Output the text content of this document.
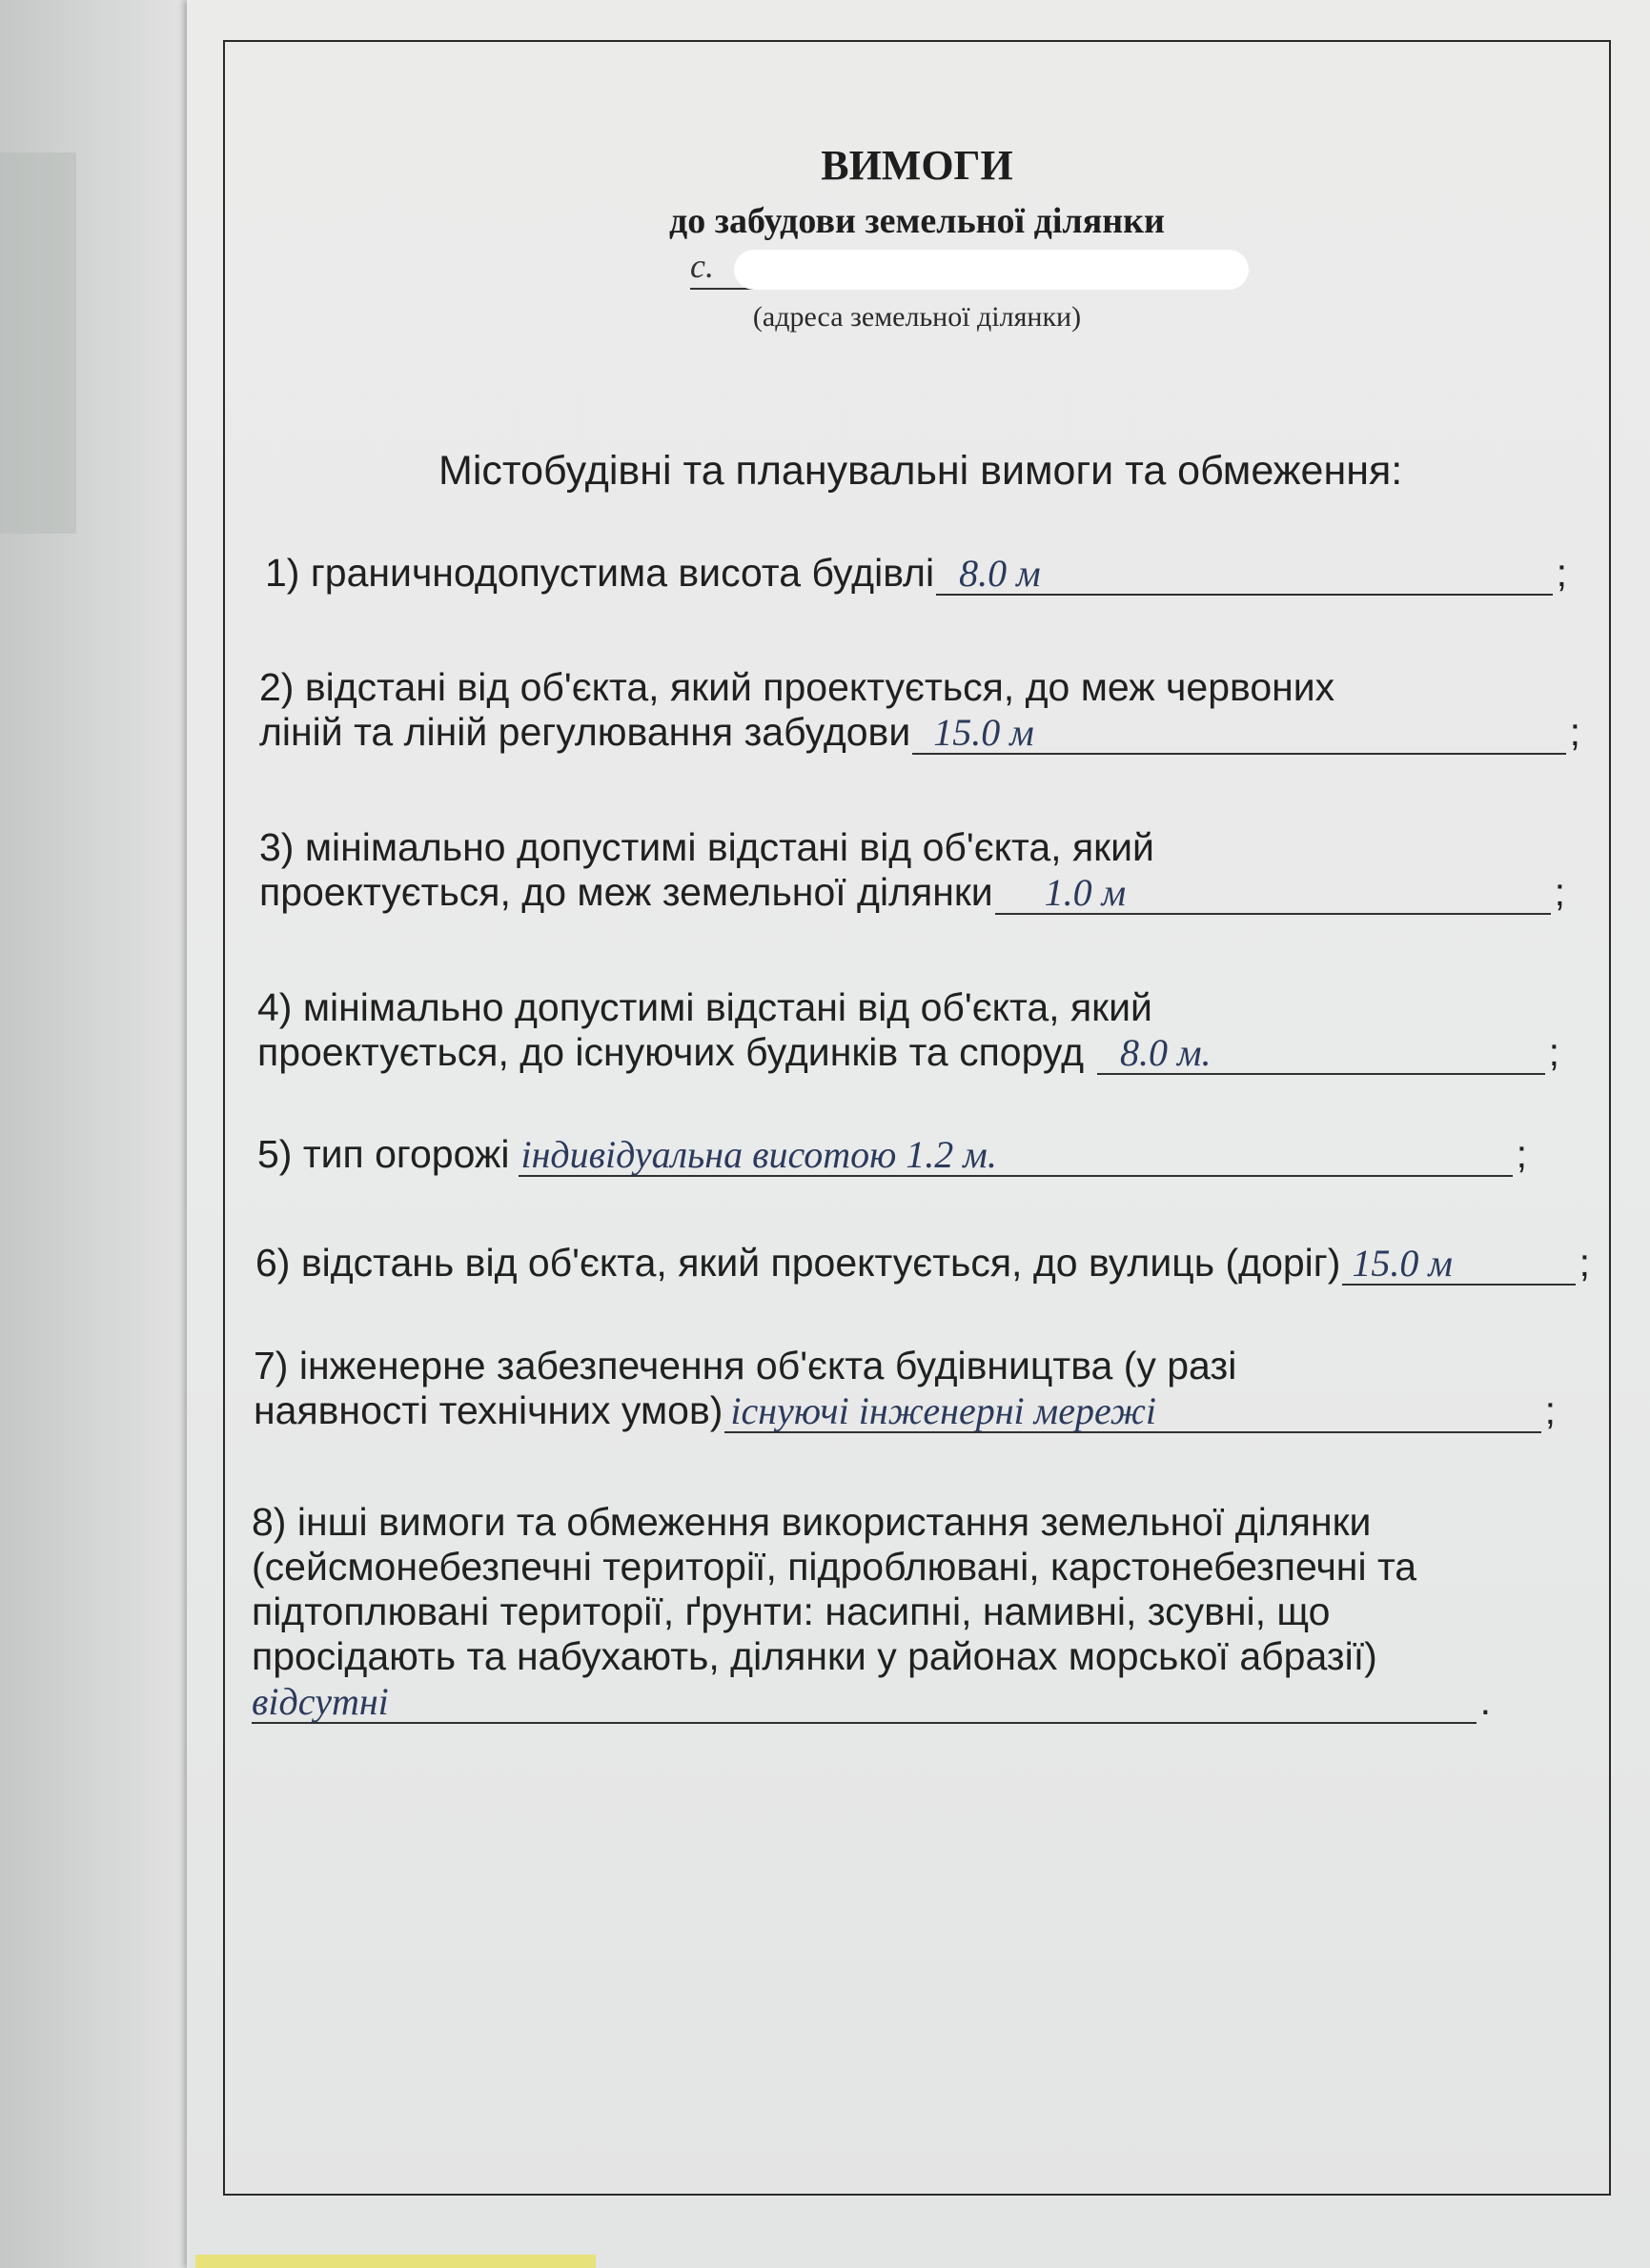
ВИМОГИ
до забудови земельної ділянки
с.
(адреса земельної ділянки)
Містобудівні та планувальні вимоги та обмеження:
1) граничнодопустима висота будівлі 8.0 м	;
2) відстані від об'єкта, який проектується, до меж червоних
ліній та ліній регулювання забудови 15.0 м	;
3) мінімально допустимі відстані від об'єкта, який
проектується, до меж земельної ділянки 1.0 м	;
4) мінімально допустимі відстані від об'єкта, який
проектується, до існуючих будинків та споруд 8.0 м.	;
5) тип огорожі індивідуальна висотою 1.2 м.	;
6) відстань від об'єкта, який проектується, до вулиць (доріг) 15.0 м	;
7) інженерне забезпечення об'єкта будівництва (у разі
наявності технічних умов) існуючі інженерні мережі	;
8) інші вимоги та обмеження використання земельної ділянки
(сейсмонебезпечні території, підроблювані, карстонебезпечні та
підтоплювані території, ґрунти: насипні, намивні, зсувні, що
просідають та набухають, ділянки у районах морської абразії)
відсутні	.
